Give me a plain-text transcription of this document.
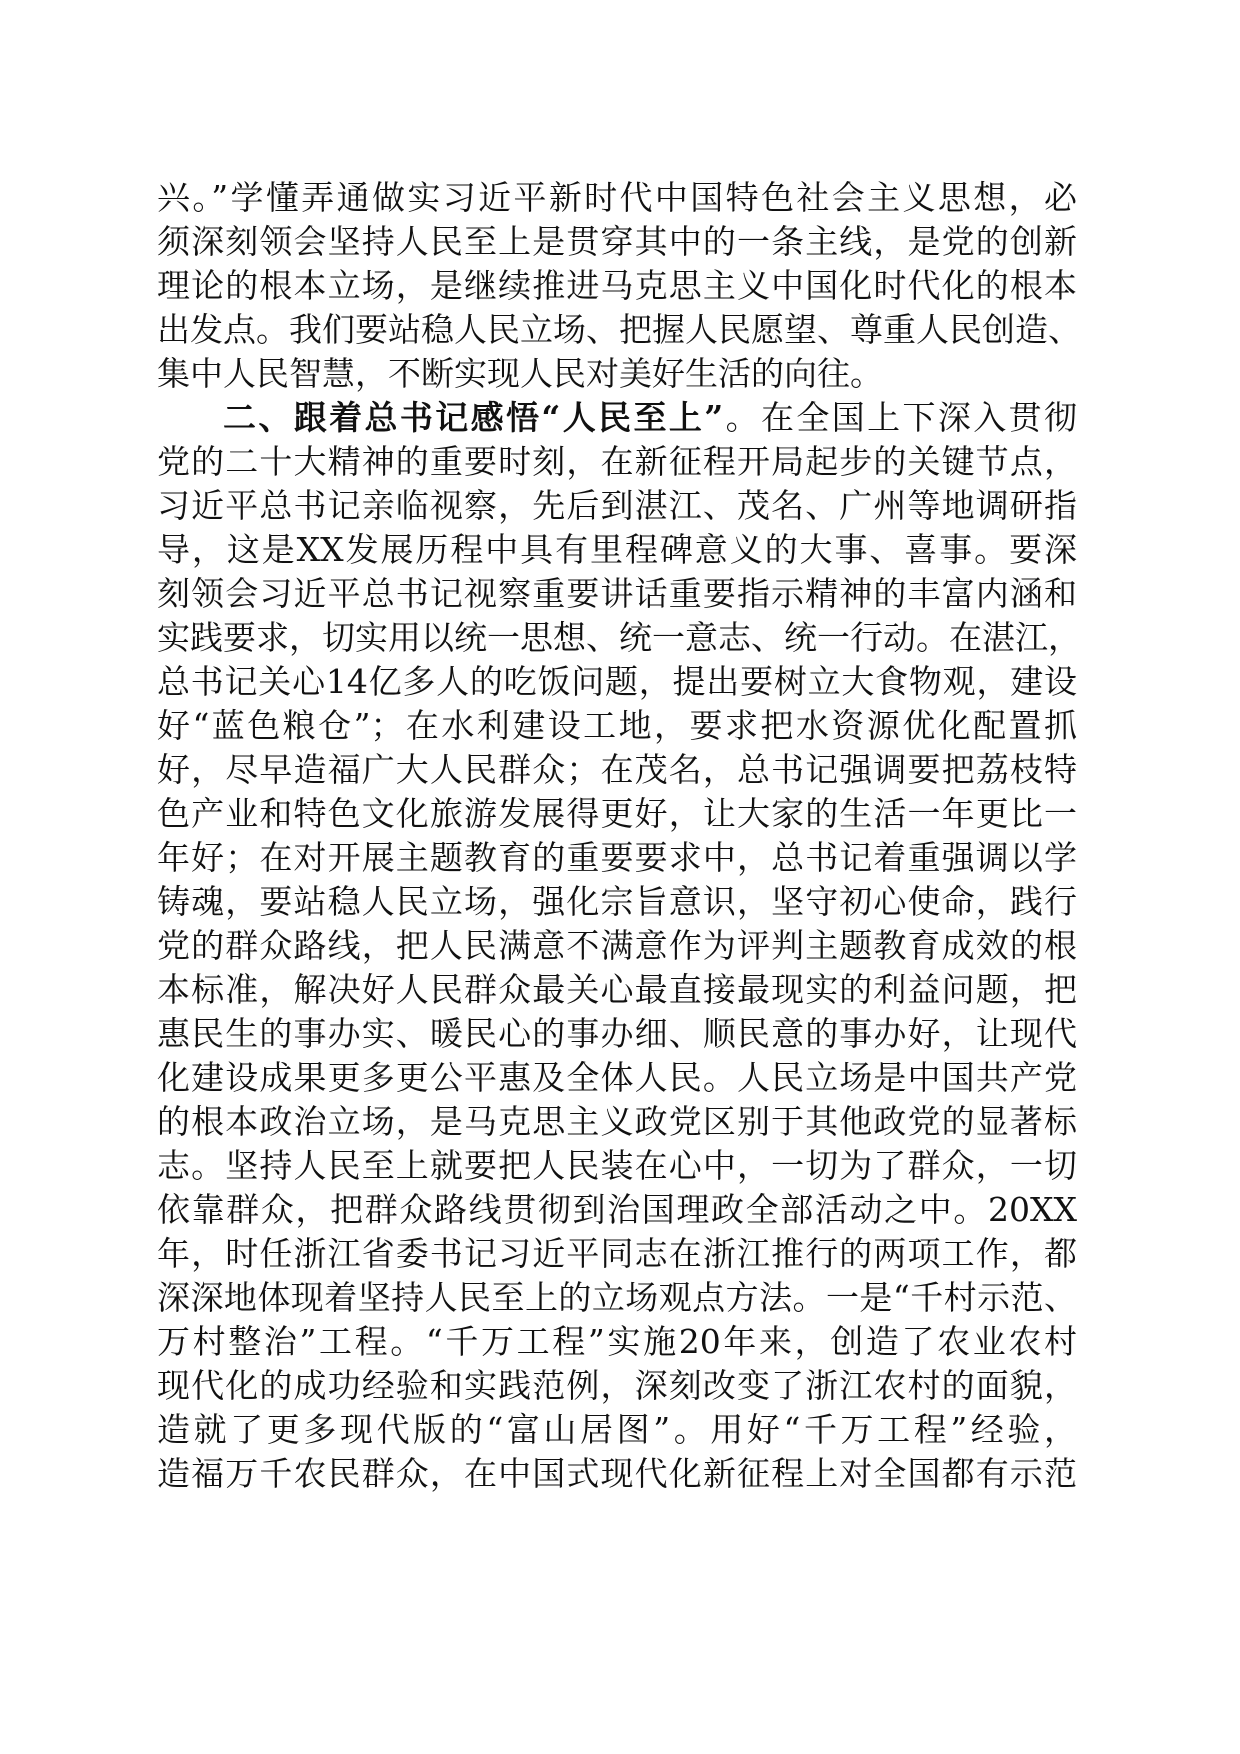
兴。”学懂弄通做实习近平新时代中国特色社会主义思想，必
须深刻领会坚持人民至上是贯穿其中的一条主线，是党的创新
理论的根本立场，是继续推进马克思主义中国化时代化的根本
出发点。我们要站稳人民立场、把握人民愿望、尊重人民创造、
集中人民智慧，不断实现人民对美好生活的向往。
二、跟着总书记感悟“人民至上”。在全国上下深入贯彻
党的二十大精神的重要时刻，在新征程开局起步的关键节点，
习近平总书记亲临视察，先后到湛江、茂名、广州等地调研指
导，这是XX发展历程中具有里程碑意义的大事、喜事。要深
刻领会习近平总书记视察重要讲话重要指示精神的丰富内涵和
实践要求，切实用以统一思想、统一意志、统一行动。在湛江，
总书记关心14亿多人的吃饭问题，提出要树立大食物观，建设
好“蓝色粮仓”；在水利建设工地，要求把水资源优化配置抓
好，尽早造福广大人民群众；在茂名，总书记强调要把荔枝特
色产业和特色文化旅游发展得更好，让大家的生活一年更比一
年好；在对开展主题教育的重要要求中，总书记着重强调以学
铸魂，要站稳人民立场，强化宗旨意识，坚守初心使命，践行
党的群众路线，把人民满意不满意作为评判主题教育成效的根
本标准，解决好人民群众最关心最直接最现实的利益问题，把
惠民生的事办实、暖民心的事办细、顺民意的事办好，让现代
化建设成果更多更公平惠及全体人民。人民立场是中国共产党
的根本政治立场，是马克思主义政党区别于其他政党的显著标
志。坚持人民至上就要把人民装在心中，一切为了群众，一切
依靠群众，把群众路线贯彻到治国理政全部活动之中。20XX
年，时任浙江省委书记习近平同志在浙江推行的两项工作，都
深深地体现着坚持人民至上的立场观点方法。一是“千村示范、
万村整治”工程。“千万工程”实施20年来，创造了农业农村
现代化的成功经验和实践范例，深刻改变了浙江农村的面貌，
造就了更多现代版的“富山居图”。用好“千万工程”经验，
造福万千农民群众，在中国式现代化新征程上对全国都有示范
